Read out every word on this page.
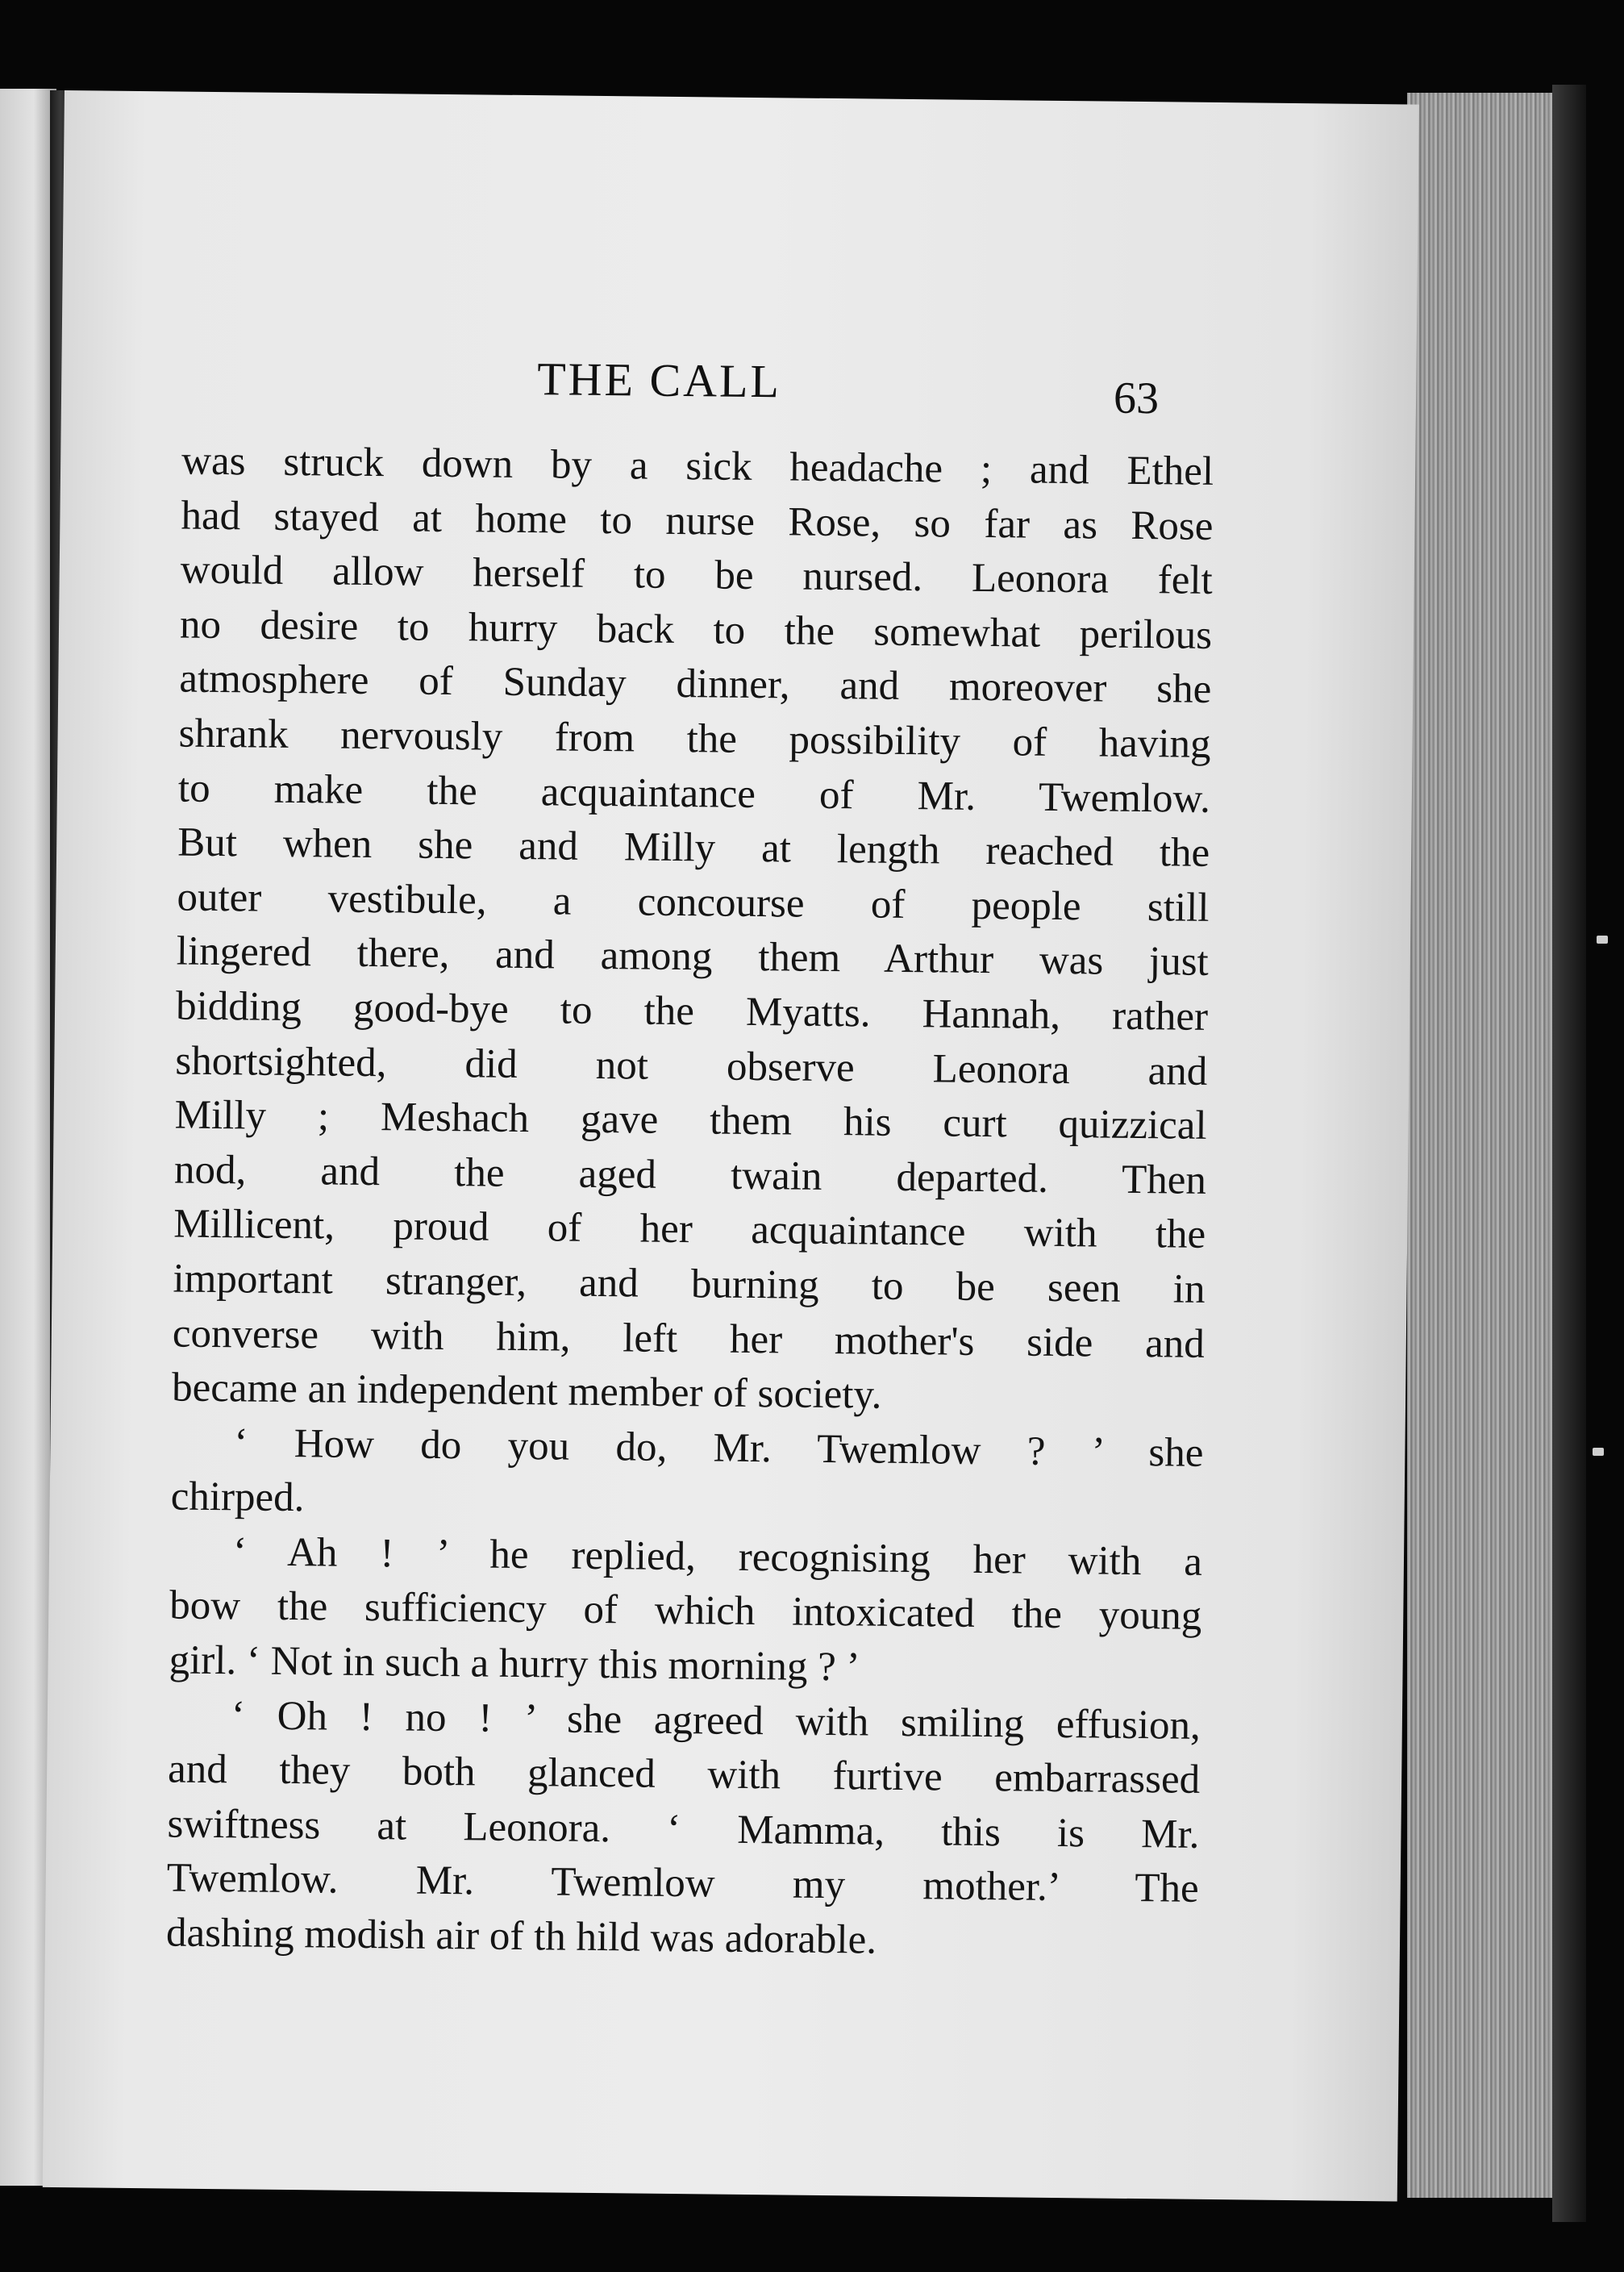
THE CALL	63
was struck down by a sick headache ; and Ethel
had stayed at home to nurse Rose, so far as Rose
would allow herself to be nursed. Leonora felt
no desire to hurry back to the somewhat perilous
atmosphere of Sunday dinner, and moreover she
shrank nervously from the possibility of having
to make the acquaintance of Mr. Twemlow.
But when she and Milly at length reached the
outer vestibule, a concourse of people still
lingered there, and among them Arthur was just
bidding good-bye to the Myatts. Hannah, rather
shortsighted, did not observe Leonora and
Milly ; Meshach gave them his curt quizzical
nod, and the aged twain departed. Then
Millicent, proud of her acquaintance with the
important stranger, and burning to be seen in
converse with him, left her mother's side and
became an independent member of society.
‘ How do you do, Mr. Twemlow ? ’ she
chirped.
‘ Ah ! ’ he replied, recognising her with a
bow the sufficiency of which intoxicated the young
girl. ‘ Not in such a hurry this morning ? ’
‘ Oh ! no ! ’ she agreed with smiling effusion,
and they both glanced with furtive embarrassed
swiftness at Leonora. ‘ Mamma, this is Mr.
Twemlow. Mr. Twemlow my mother.’ The
dashing modish air of th hild was adorable.
